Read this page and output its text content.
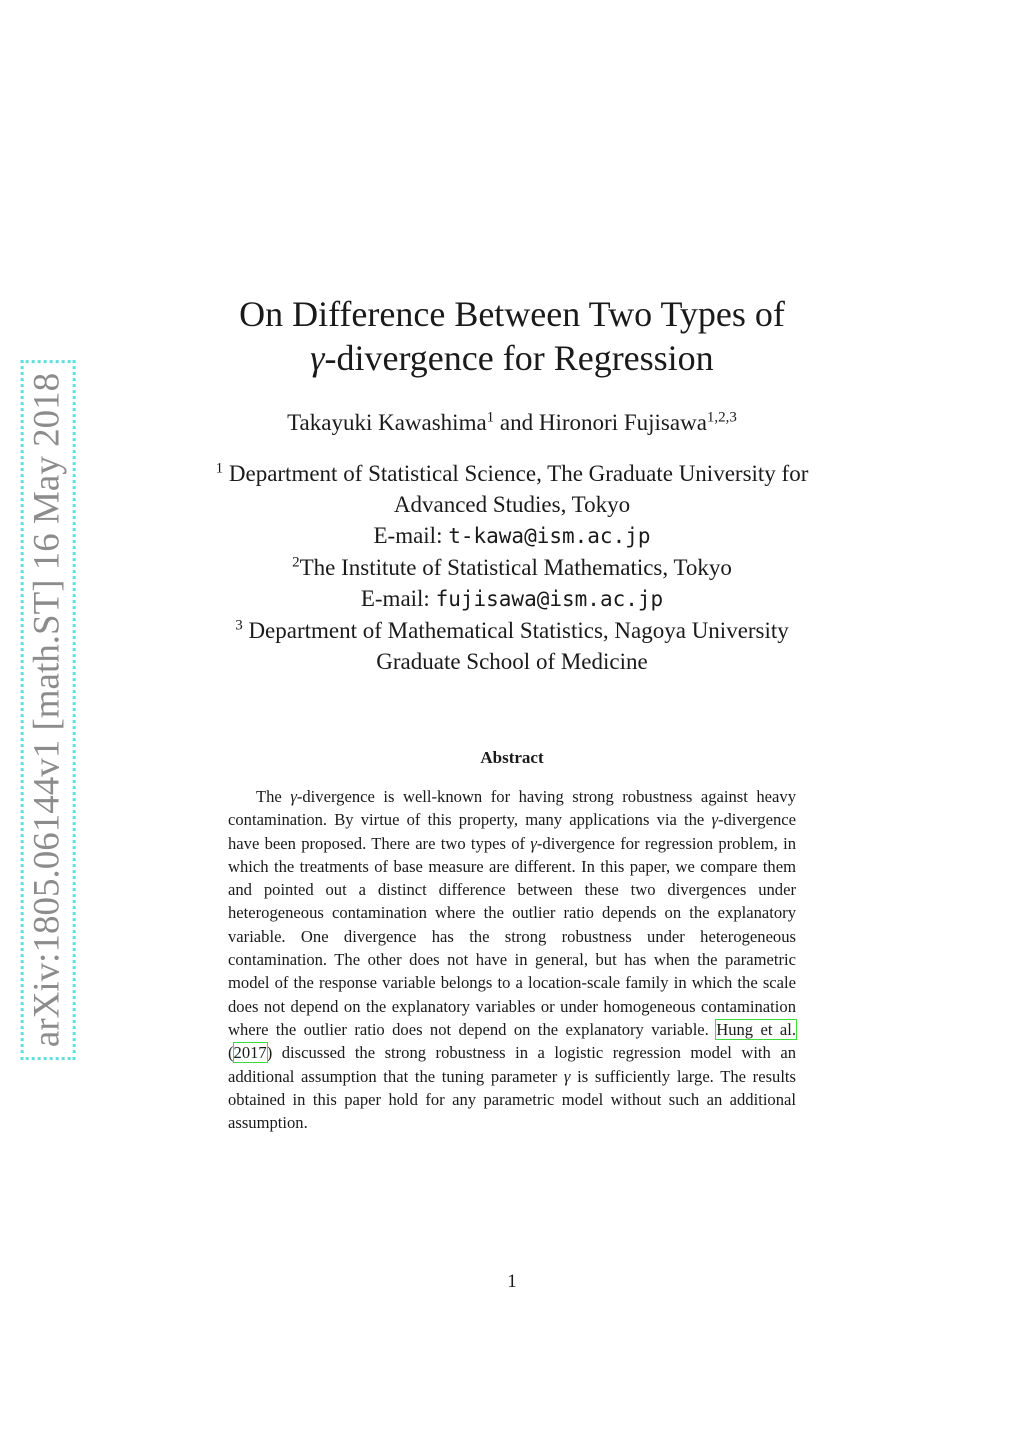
arXiv:1805.06144v1 [math.ST] 16 May 2018
On Difference Between Two Types of
γ-divergence for Regression
Takayuki Kawashima$^1$ and Hironori Fujisawa$^{1,2,3}$
$^1$ Department of Statistical Science, The Graduate University for
Advanced Studies, Tokyo
E-mail: t-kawa@ism.ac.jp
$^2$The Institute of Statistical Mathematics, Tokyo
E-mail: fujisawa@ism.ac.jp
$^3$ Department of Mathematical Statistics, Nagoya University
Graduate School of Medicine
Abstract
The γ-divergence is well-known for having strong robustness against heavy contamination. By virtue of this property, many applications via the γ-divergence have been proposed. There are two types of γ-divergence for regression problem, in which the treatments of base measure are different. In this paper, we compare them and pointed out a distinct difference between these two divergences under heterogeneous contamination where the outlier ratio depends on the explanatory variable. One divergence has the strong robustness under heterogeneous contamination. The other does not have in general, but has when the parametric model of the response variable belongs to a location-scale family in which the scale does not depend on the explanatory variables or under homogeneous contamination where the outlier ratio does not depend on the explanatory variable. Hung et al. (2017) discussed the strong robustness in a logistic regression model with an additional assumption that the tuning parameter γ is sufficiently large. The results obtained in this paper hold for any parametric model without such an additional assumption.
1
